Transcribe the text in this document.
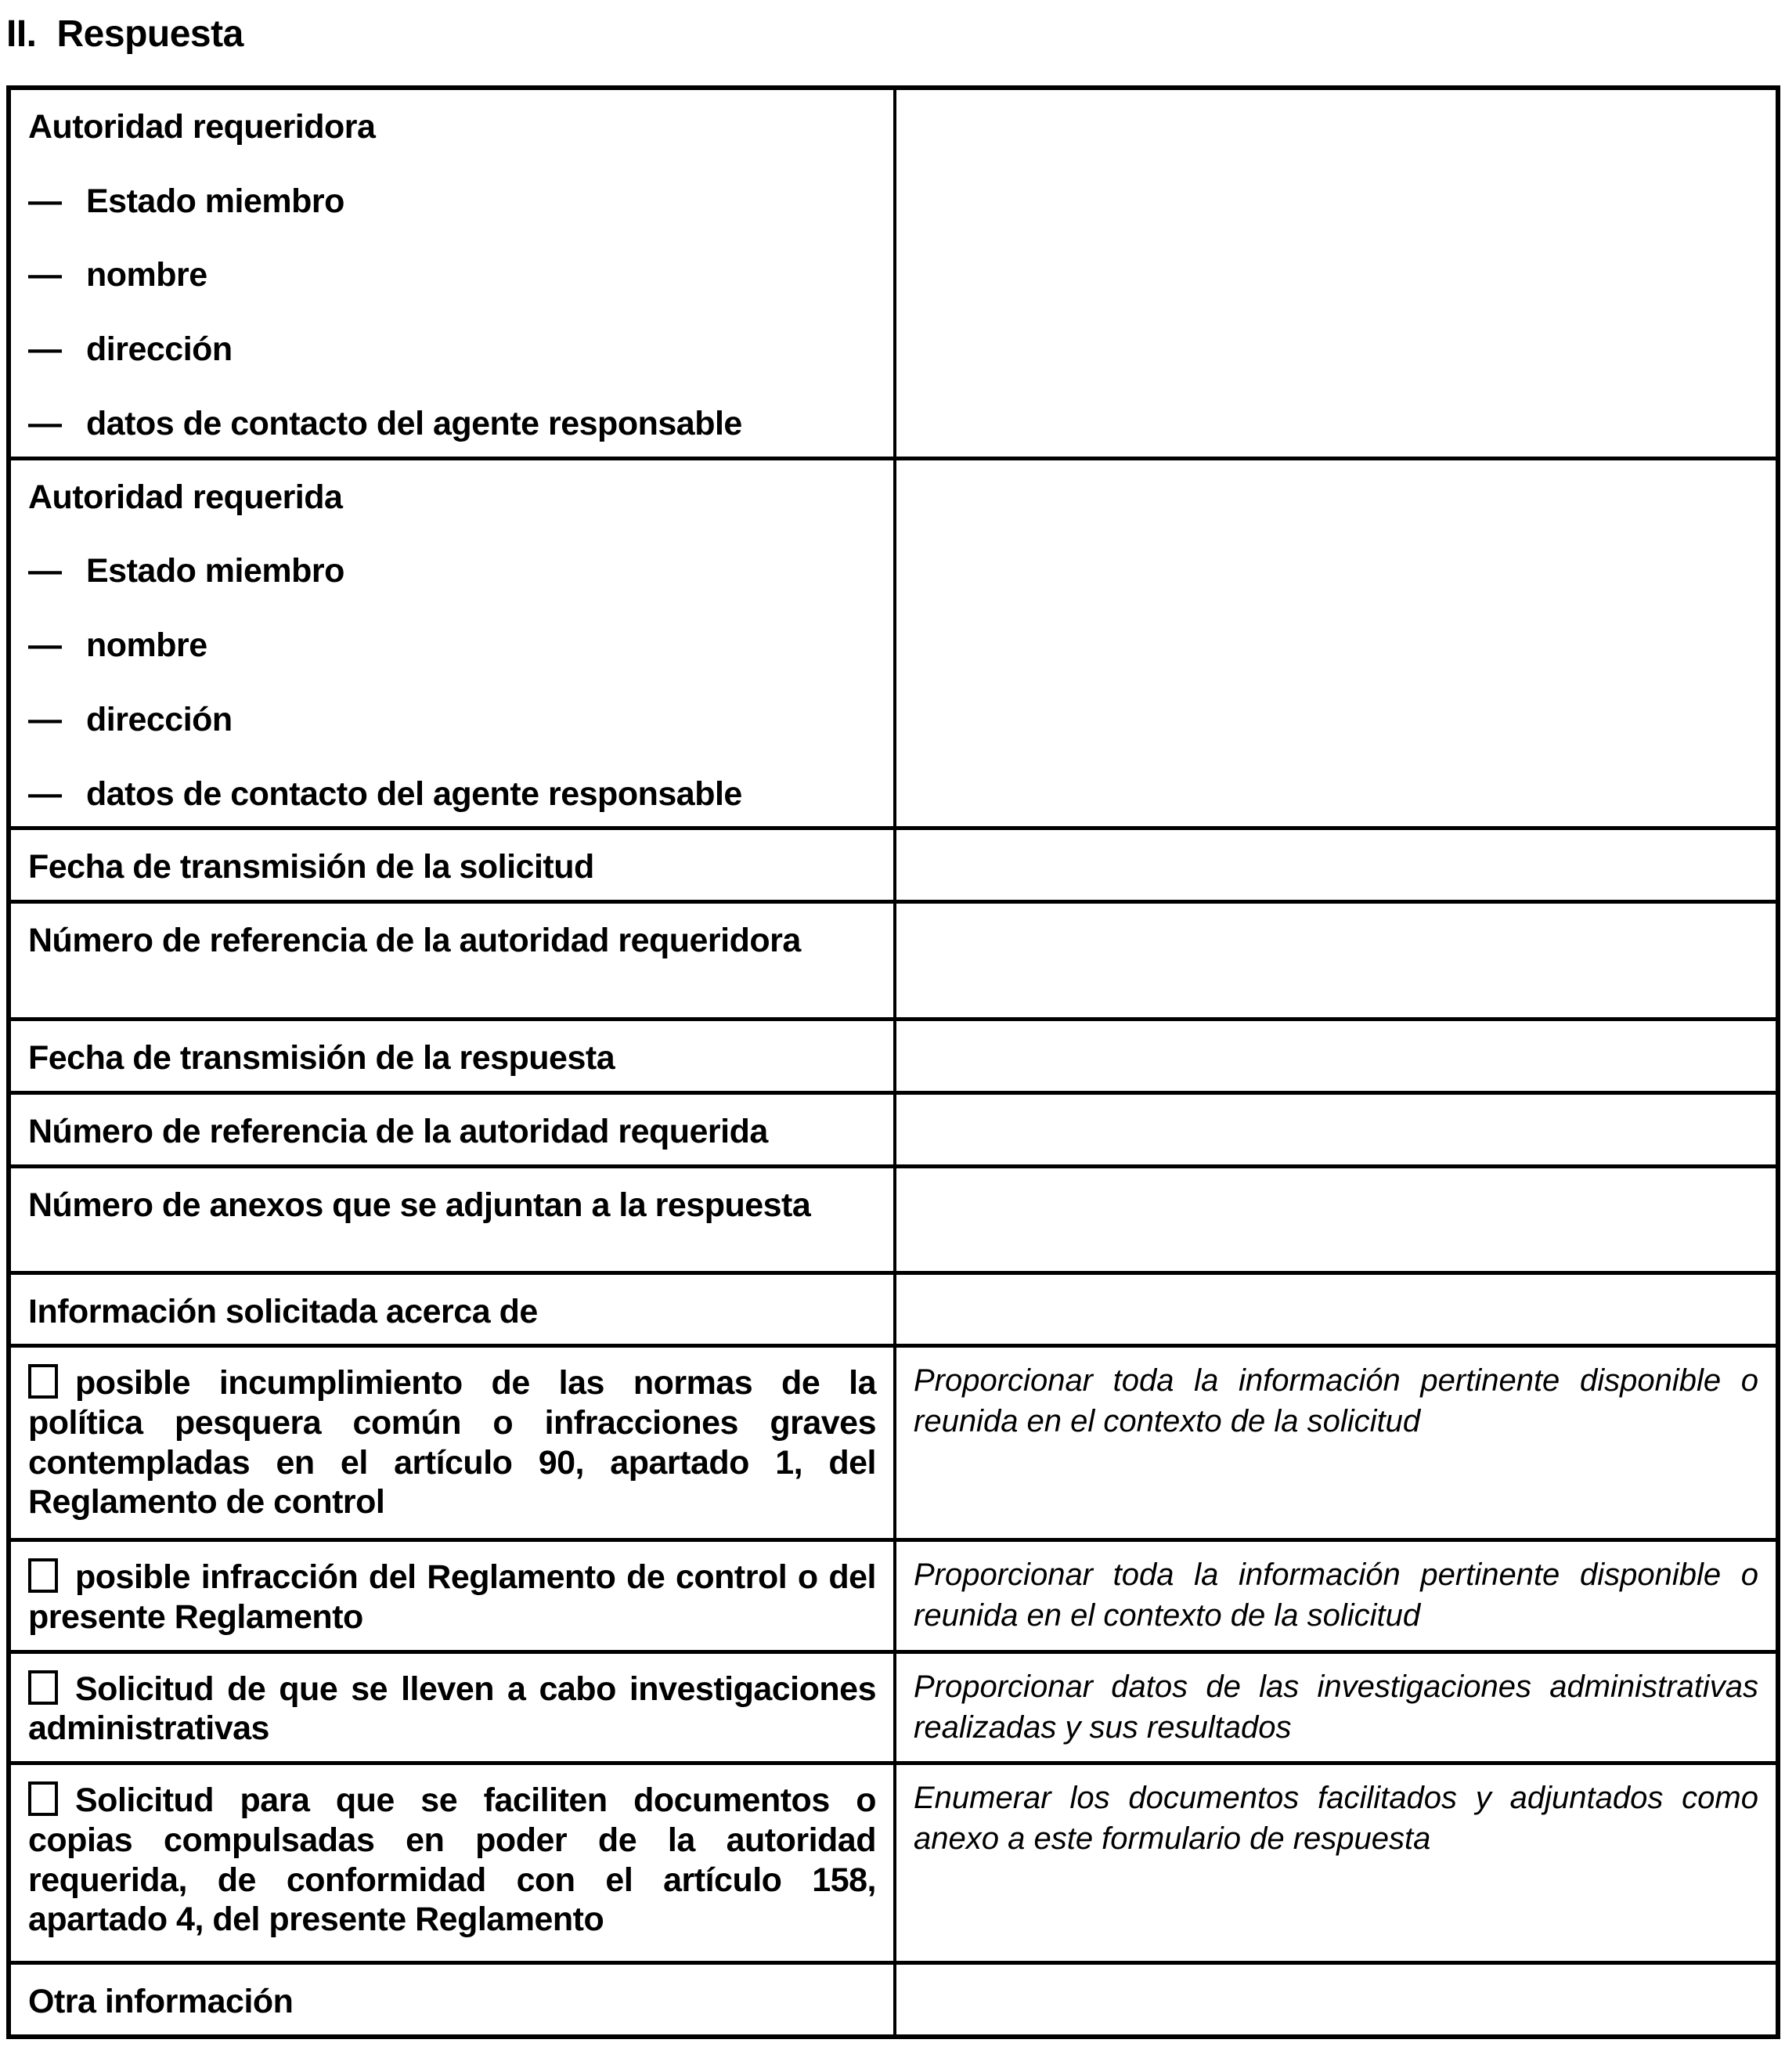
II. Respuesta

Autoridad requeridora

— Estado miembro
— nombre
— dirección
— datos de contacto del agente responsable

Autoridad requerida

— Estado miembro
— nombre
— dirección
— datos de contacto del agente responsable

Fecha de transmisión de la solicitud	

Número de referencia de la autoridad requeridora	

Fecha de transmisión de la respuesta	

Número de referencia de la autoridad requerida	

Número de anexos que se adjuntan a la respuesta	

Información solicitada acerca de	

posible incumplimiento de las normas de la política pesquera común o infracciones graves contempladas en el artículo 90, apartado 1, del Reglamento de control	Proporcionar toda la información pertinente disponible o reunida en el contexto de la solicitud

posible infracción del Reglamento de control o del presente Reglamento	Proporcionar toda la información pertinente disponible o reunida en el contexto de la solicitud

Solicitud de que se lleven a cabo investigaciones administrativas	Proporcionar datos de las investigaciones administrativas realizadas y sus resultados

Solicitud para que se faciliten documentos o copias compulsadas en poder de la autoridad requerida, de conformidad con el artículo 158, apartado 4, del presente Reglamento	Enumerar los documentos facilitados y adjuntados como anexo a este formulario de respuesta

Otra información	
